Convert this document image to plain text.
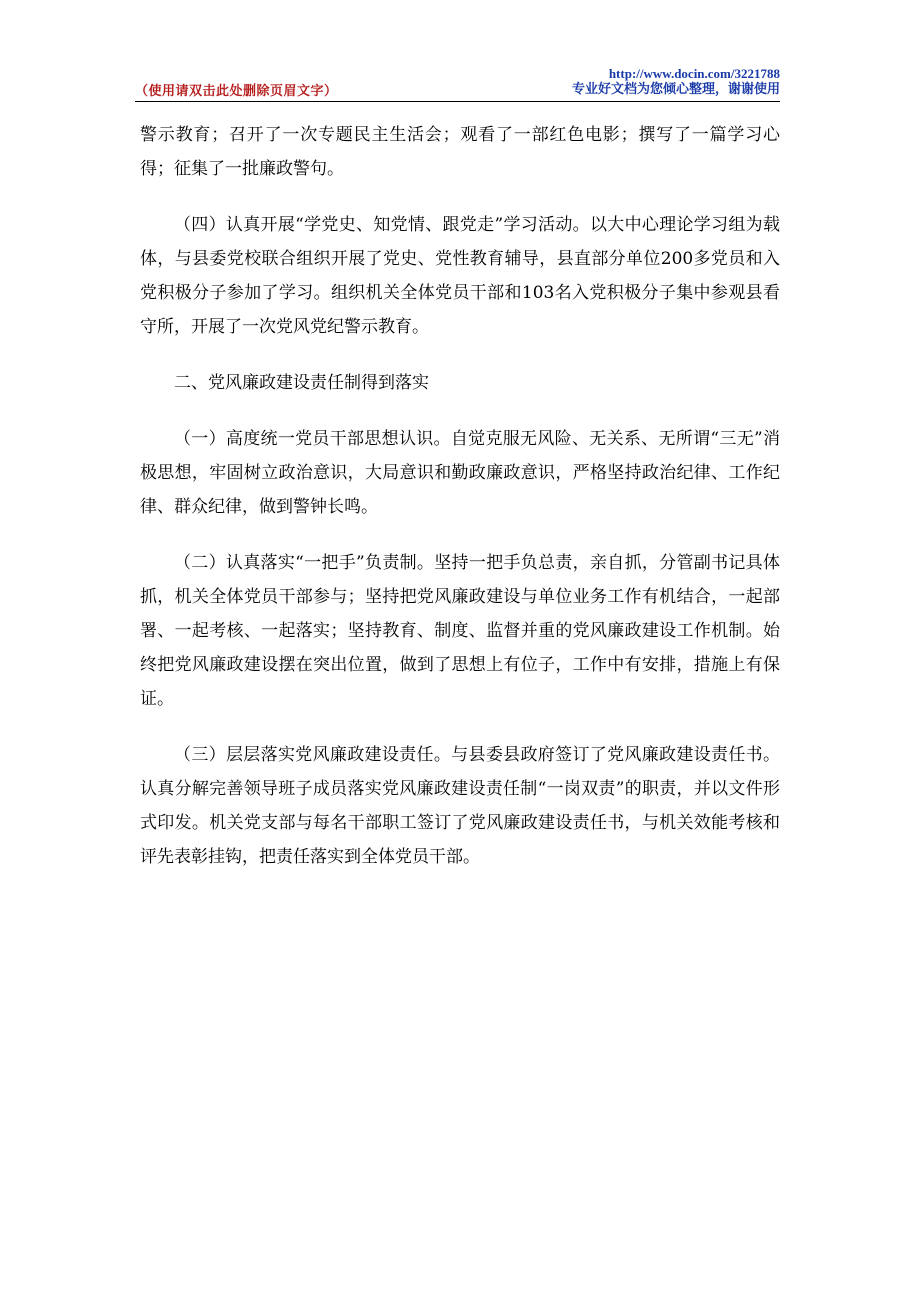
（使用请双击此处删除页眉文字）
http://www.docin.com/3221788
专业好文档为您倾心整理，谢谢使用

警示教育；召开了一次专题民主生活会；观看了一部红色电影；撰写了一篇学习心得；征集了一批廉政警句。

（四）认真开展“学党史、知党情、跟党走”学习活动。以大中心理论学习组为载体，与县委党校联合组织开展了党史、党性教育辅导，县直部分单位200多党员和入党积极分子参加了学习。组织机关全体党员干部和103名入党积极分子集中参观县看守所，开展了一次党风党纪警示教育。

二、党风廉政建设责任制得到落实

（一）高度统一党员干部思想认识。自觉克服无风险、无关系、无所谓“三无”消极思想，牢固树立政治意识，大局意识和勤政廉政意识，严格坚持政治纪律、工作纪律、群众纪律，做到警钟长鸣。

（二）认真落实“一把手”负责制。坚持一把手负总责，亲自抓，分管副书记具体抓，机关全体党员干部参与；坚持把党风廉政建设与单位业务工作有机结合，一起部署、一起考核、一起落实；坚持教育、制度、监督并重的党风廉政建设工作机制。始终把党风廉政建设摆在突出位置，做到了思想上有位子，工作中有安排，措施上有保证。

（三）层层落实党风廉政建设责任。与县委县政府签订了党风廉政建设责任书。认真分解完善领导班子成员落实党风廉政建设责任制“一岗双责”的职责，并以文件形式印发。机关党支部与每名干部职工签订了党风廉政建设责任书，与机关效能考核和评先表彰挂钩，把责任落实到全体党员干部。
